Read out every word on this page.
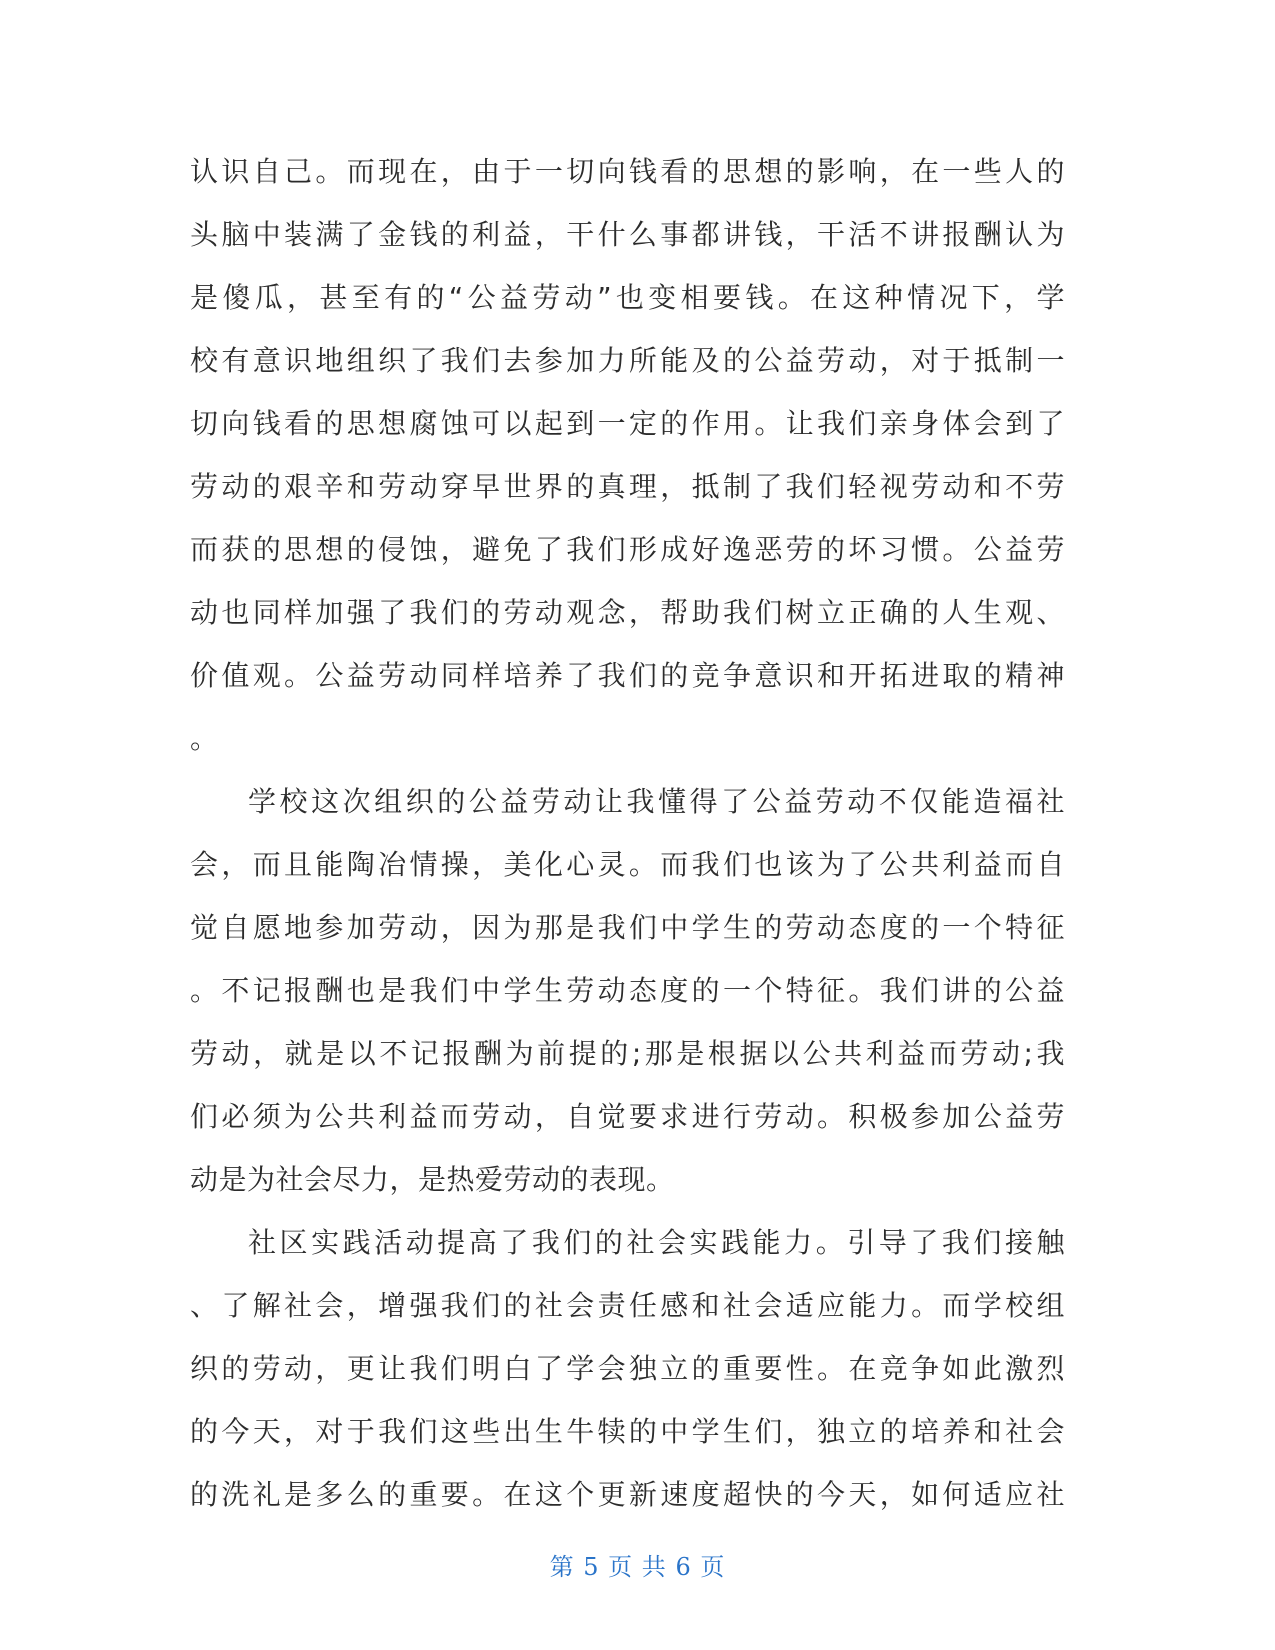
认识自己。而现在，由于一切向钱看的思想的影响，在一些人的
头脑中装满了金钱的利益，干什么事都讲钱，干活不讲报酬认为
是傻瓜，甚至有的“公益劳动”也变相要钱。在这种情况下，学
校有意识地组织了我们去参加力所能及的公益劳动，对于抵制一
切向钱看的思想腐蚀可以起到一定的作用。让我们亲身体会到了
劳动的艰辛和劳动穿早世界的真理，抵制了我们轻视劳动和不劳
而获的思想的侵蚀，避免了我们形成好逸恶劳的坏习惯。公益劳
动也同样加强了我们的劳动观念，帮助我们树立正确的人生观、
价值观。公益劳动同样培养了我们的竞争意识和开拓进取的精神
。
学校这次组织的公益劳动让我懂得了公益劳动不仅能造福社
会，而且能陶冶情操，美化心灵。而我们也该为了公共利益而自
觉自愿地参加劳动，因为那是我们中学生的劳动态度的一个特征
。不记报酬也是我们中学生劳动态度的一个特征。我们讲的公益
劳动，就是以不记报酬为前提的;那是根据以公共利益而劳动;我
们必须为公共利益而劳动，自觉要求进行劳动。积极参加公益劳
动是为社会尽力，是热爱劳动的表现。
社区实践活动提高了我们的社会实践能力。引导了我们接触
、了解社会，增强我们的社会责任感和社会适应能力。而学校组
织的劳动，更让我们明白了学会独立的重要性。在竞争如此激烈
的今天，对于我们这些出生牛犊的中学生们，独立的培养和社会
的洗礼是多么的重要。在这个更新速度超快的今天，如何适应社
第 5 页 共 6 页
